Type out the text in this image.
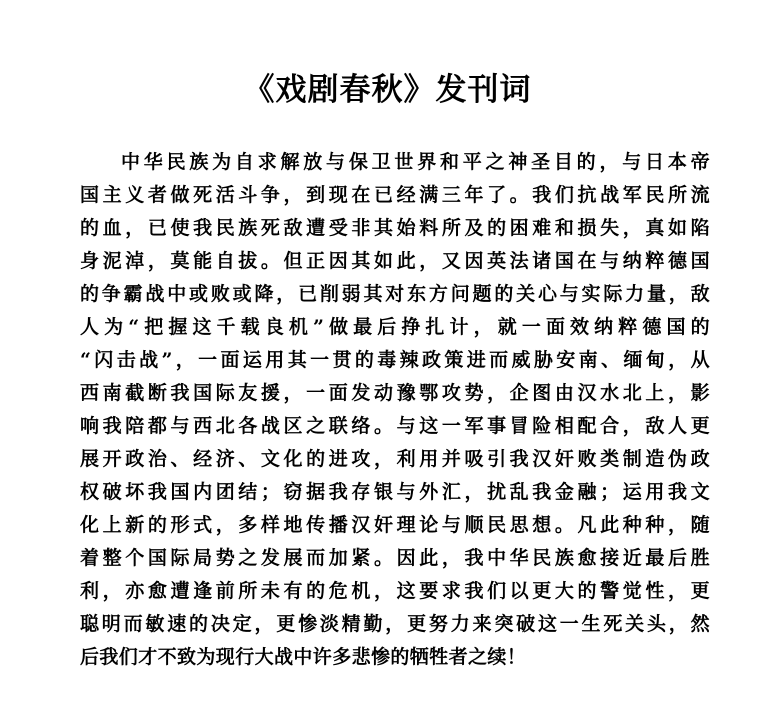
《戏剧春秋》发刊词
中华民族为自求解放与保卫世界和平之神圣目的，与日本帝
国主义者做死活斗争，到现在已经满三年了。我们抗战军民所流
的血，已使我民族死敌遭受非其始料所及的困难和损失，真如陷
身泥淖，莫能自拔。但正因其如此，又因英法诸国在与纳粹德国
的争霸战中或败或降，已削弱其对东方问题的关心与实际力量，敌
人为“把握这千载良机”做最后挣扎计，就一面效纳粹德国的
“闪击战”，一面运用其一贯的毒辣政策进而威胁安南、缅甸，从
西南截断我国际友援，一面发动豫鄂攻势，企图由汉水北上，影
响我陪都与西北各战区之联络。与这一军事冒险相配合，敌人更
展开政治、经济、文化的进攻，利用并吸引我汉奸败类制造伪政
权破坏我国内团结；窃据我存银与外汇，扰乱我金融；运用我文
化上新的形式，多样地传播汉奸理论与顺民思想。凡此种种，随
着整个国际局势之发展而加紧。因此，我中华民族愈接近最后胜
利，亦愈遭逢前所未有的危机，这要求我们以更大的警觉性，更
聪明而敏速的决定，更惨淡精勤，更努力来突破这一生死关头，然
后我们才不致为现行大战中许多悲惨的牺牲者之续！
